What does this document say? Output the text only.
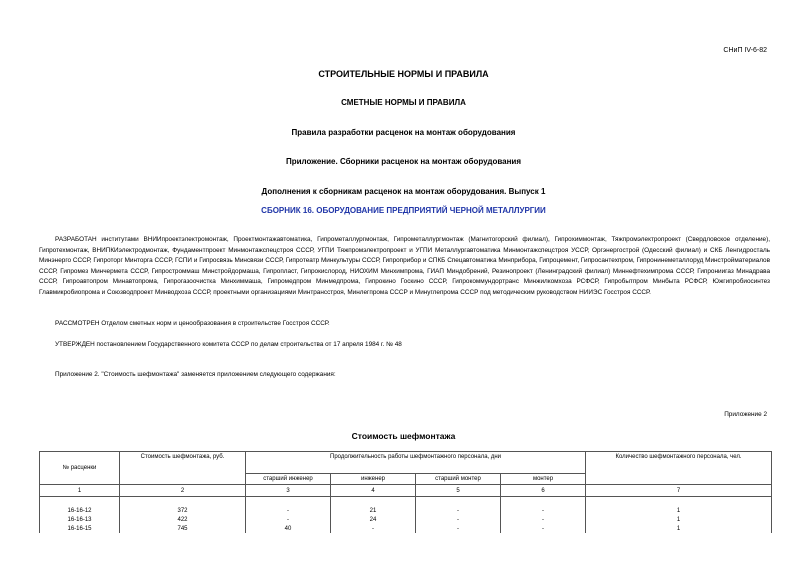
СНиП IV-6-82
СТРОИТЕЛЬНЫЕ НОРМЫ И ПРАВИЛА
СМЕТНЫЕ НОРМЫ И ПРАВИЛА
Правила разработки расценок на монтаж оборудования
Приложение. Сборники расценок на монтаж оборудования
Дополнения к сборникам расценок на монтаж оборудования. Выпуск 1
СБОРНИК 16. ОБОРУДОВАНИЕ ПРЕДПРИЯТИЙ ЧЕРНОЙ МЕТАЛЛУРГИИ
РАЗРАБОТАН институтами ВНИИпроектэлектромонтаж, Проектмонтажавтоматика, Гипрометаллургмонтаж, Гипрометаллургмонтаж (Магнитогорский филиал), Гипрохиммонтаж, Тяжпромэлектропроект (Свердловское отделение), Гипротехмонтаж, ВНИПКИэлектродмонтаж, Фундаментпроект Минмонтажспецстроя СССР, УГПИ Тяжпромэлектропроект и УГПИ Металлургавтоматика Минмонтажспецстроя УССР, Оргэнергострой (Одесский филиал) и СКБ Ленгидросталь Минэнерго СССР, Гипроторг Минторга СССР, ГСПИ и Гипросвязь Минсвязи СССР, Гипротеатр Минкультуры СССР, Гипроприбор и СПКБ Спецавтоматика Минприбора, Гипроцемент, Гипросантехпром, Гипронинеметаллоруд Минстройматериалов СССР, Гипромез Минчермета СССР, Гипростроммаш Минстройдормаша, Гипропласт, Гипрокислород, НИОХИМ Минхимпрома, ГИАП Миндобрений, Резинопроект (Ленинградский филиал) Миннефтехимпрома СССР, Гипрониигаз Минадрава СССР, Гипроавтопром Минавтопрома, Гипрогазоочистка Минхиммаша, Гипромедпром Минмедпрома, Гипрокино Госкино СССР, Гипрокоммундортранс Минжилкомхоза РСФСР, Гипробытпром Минбыта РСФСР, Южгипробиосинтез Главмикробиопрома и Союзводпроект Минводхоза СССР, проектными организациями Минтрансстроя, Минлегпрома СССР и Минуглепрома СССР под методическим руководством НИИЭС Госстроя СССР.
РАССМОТРЕН Отделом сметных норм и ценообразования в строительстве Госстроя СССР.
УТВЕРЖДЕН постановлением Государственного комитета СССР по делам строительства от 17 апреля 1984 г. № 48
Приложение 2. "Стоимость шефмонтажа" заменяется приложением следующего содержания:
Приложение 2
Стоимость шефмонтажа
№ расценки	Стоимость шефмонтажа, руб.	Продолжительность работы шефмонтажного персонала, дни				Количество шефмонтажного персонала, чел.
		старший инженер	инженер	старший монтер	монтер	
1	2	3	4	5	6	7

16-16-12	372	-	21	-	-	1
16-16-13	422	-	24	-	-	1
16-16-15	745	40	-	-	-	1
